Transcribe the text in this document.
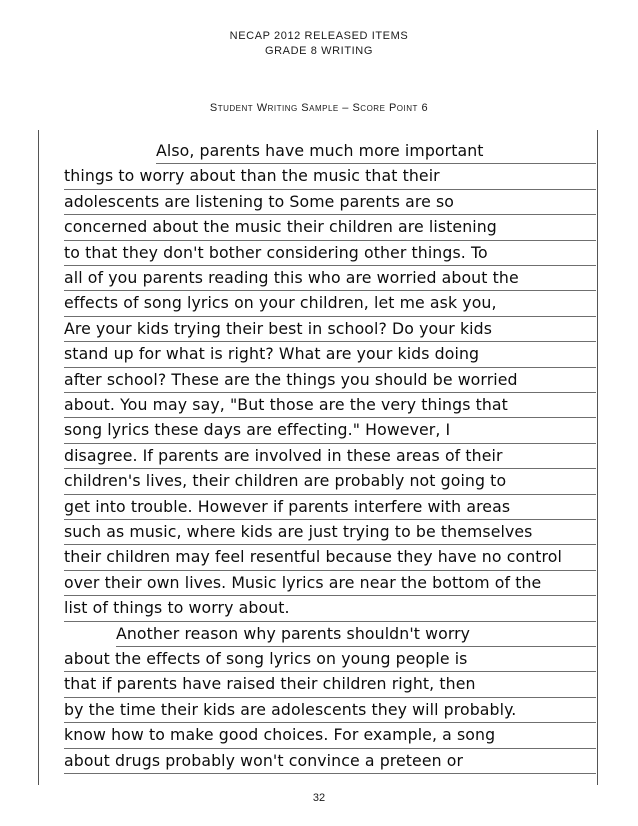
NECAP 2012 RELEASED ITEMS
GRADE 8 WRITING
Student Writing Sample – Score Point 6
Also, parents have much more important
things to worry about than the music that their
adolescents are listening to Some parents are so
concerned about the music their children are listening
to that they don't bother considering other things. To
all of you parents reading this who are worried about the
effects of song lyrics on your children, let me ask you,
Are your kids trying their best in school? Do your kids
stand up for what is right? What are your kids doing
after school? These are the things you should be worried
about. You may say, "But those are the very things that
song lyrics these days are effecting." However, I
disagree. If parents are involved in these areas of their
children's lives, their children are probably not going to
get into trouble. However if parents interfere with areas
such as music, where kids are just trying to be themselves
their children may feel resentful because they have no control
over their own lives. Music lyrics are near the bottom of the
list of things to worry about.
Another reason why parents shouldn't worry
about the effects of song lyrics on young people is
that if parents have raised their children right, then
by the time their kids are adolescents they will probably.
know how to make good choices. For example, a song
about drugs probably won't convince a preteen or
32
